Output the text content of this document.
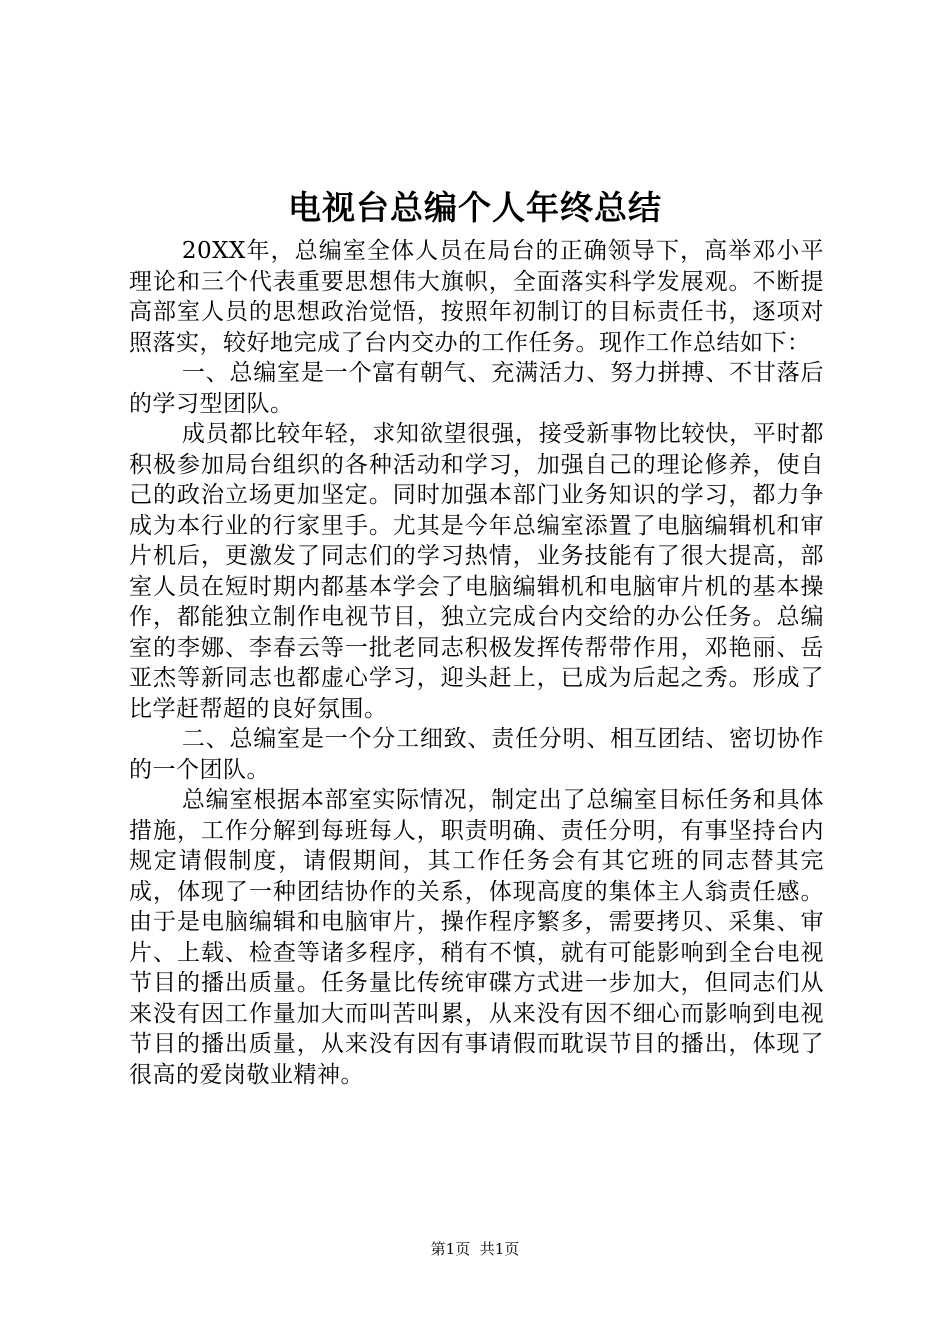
电视台总编个人年终总结

20XX年，总编室全体人员在局台的正确领导下，高举邓小平理论和三个代表重要思想伟大旗帜，全面落实科学发展观。不断提高部室人员的思想政治觉悟，按照年初制订的目标责任书，逐项对照落实，较好地完成了台内交办的工作任务。现作工作总结如下：

一、总编室是一个富有朝气、充满活力、努力拼搏、不甘落后的学习型团队。

成员都比较年轻，求知欲望很强，接受新事物比较快，平时都积极参加局台组织的各种活动和学习，加强自己的理论修养，使自己的政治立场更加坚定。同时加强本部门业务知识的学习，都力争成为本行业的行家里手。尤其是今年总编室添置了电脑编辑机和审片机后，更激发了同志们的学习热情，业务技能有了很大提高，部室人员在短时期内都基本学会了电脑编辑机和电脑审片机的基本操作，都能独立制作电视节目，独立完成台内交给的办公任务。总编室的李娜、李春云等一批老同志积极发挥传帮带作用，邓艳丽、岳亚杰等新同志也都虚心学习，迎头赶上，已成为后起之秀。形成了比学赶帮超的良好氛围。

二、总编室是一个分工细致、责任分明、相互团结、密切协作的一个团队。

总编室根据本部室实际情况，制定出了总编室目标任务和具体措施，工作分解到每班每人，职责明确、责任分明，有事坚持台内规定请假制度，请假期间，其工作任务会有其它班的同志替其完成，体现了一种团结协作的关系，体现高度的集体主人翁责任感。由于是电脑编辑和电脑审片，操作程序繁多，需要拷贝、采集、审片、上载、检查等诸多程序，稍有不慎，就有可能影响到全台电视节目的播出质量。任务量比传统审碟方式进一步加大，但同志们从来没有因工作量加大而叫苦叫累，从来没有因不细心而影响到电视节目的播出质量，从来没有因有事请假而耽误节目的播出，体现了很高的爱岗敬业精神。

第1页 共1页
